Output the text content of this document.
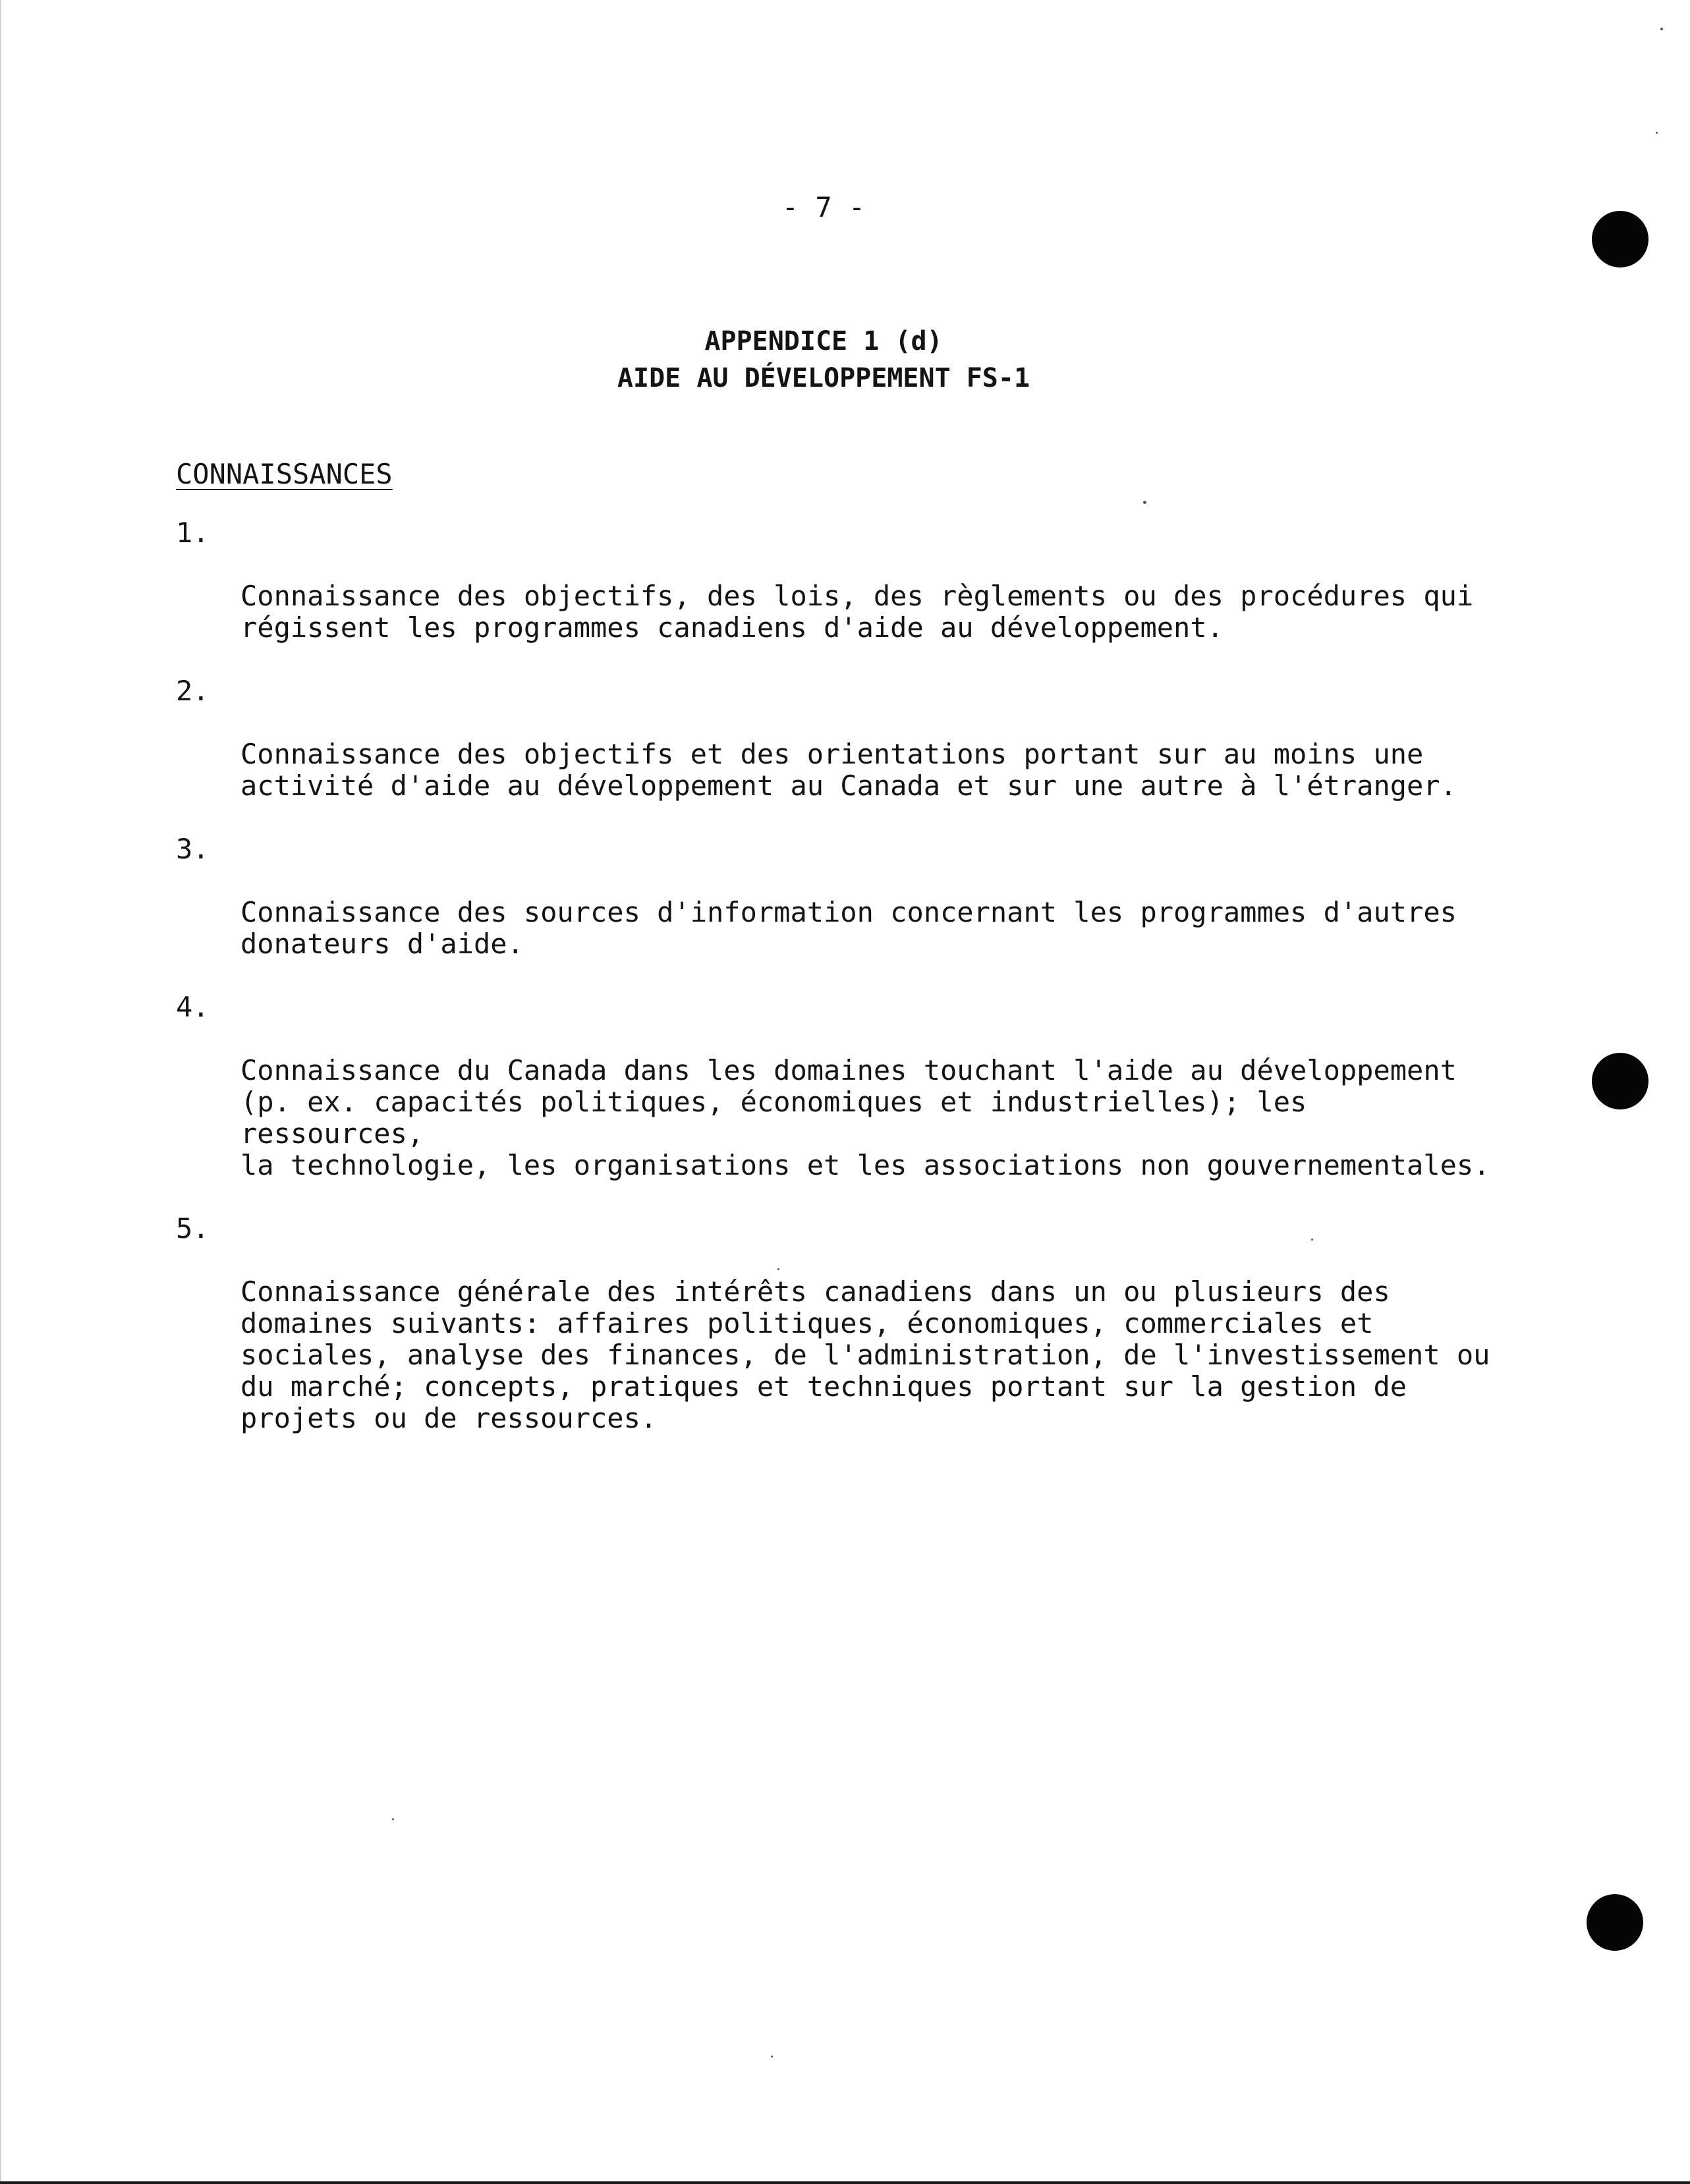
- 7 -
APPENDICE 1 (d)
AIDE AU DÉVELOPPEMENT FS-1
CONNAISSANCES

1.

Connaissance des objectifs, des lois, des règlements ou des procédures qui
régissent les programmes canadiens d'aide au développement.

2.

Connaissance des objectifs et des orientations portant sur au moins une
activité d'aide au développement au Canada et sur une autre à l'étranger.

3.

Connaissance des sources d'information concernant les programmes d'autres
donateurs d'aide.

4.

Connaissance du Canada dans les domaines touchant l'aide au développement
(p. ex. capacités politiques, économiques et industrielles); les ressources,
la technologie, les organisations et les associations non gouvernementales.

5.

Connaissance générale des intérêts canadiens dans un ou plusieurs des
domaines suivants: affaires politiques, économiques, commerciales et
sociales, analyse des finances, de l'administration, de l'investissement ou
du marché; concepts, pratiques et techniques portant sur la gestion de
projets ou de ressources.
